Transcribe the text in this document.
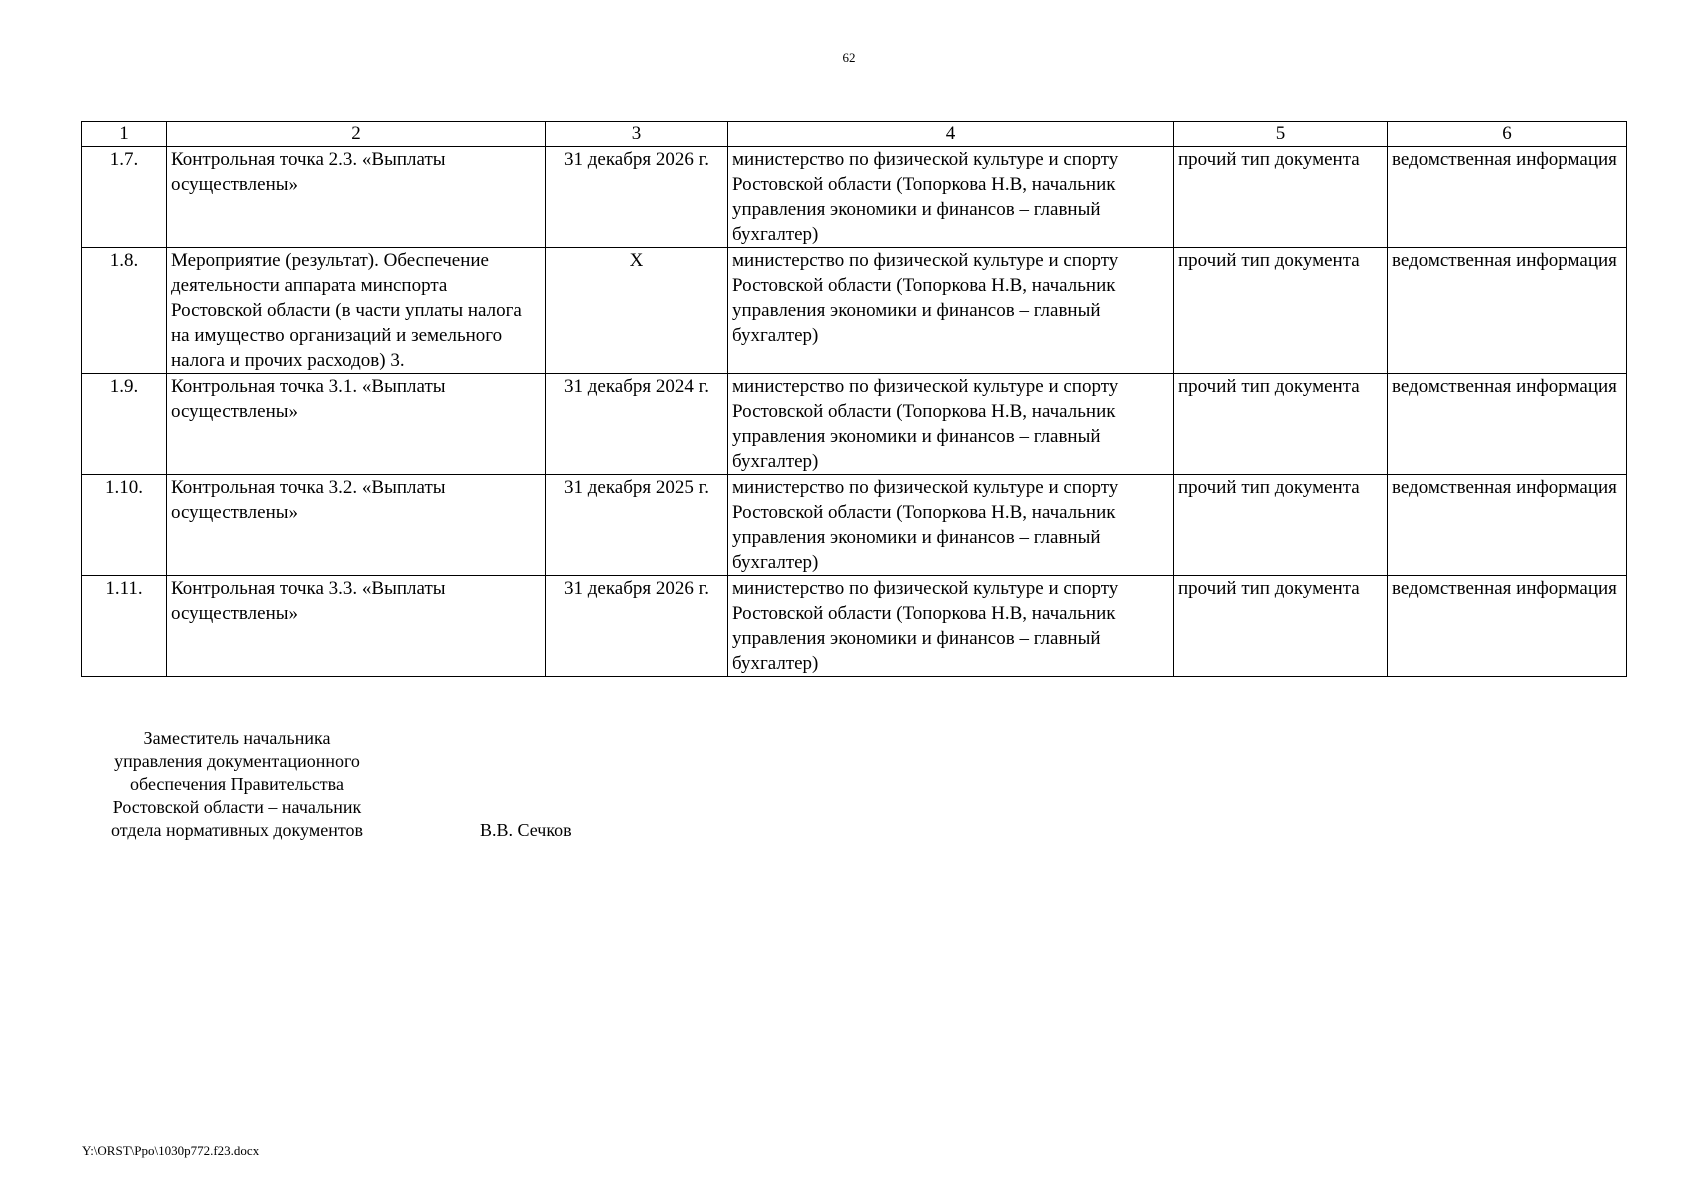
62
1	2	3	4	5	6
1.7.	Контрольная точка 2.3. «Выплаты осуществлены»	31 декабря 2026 г.	министерство по физической культуре и спорту Ростовской области (Топоркова Н.В, начальник управления экономики и финансов – главный бухгалтер)	прочий тип документа	ведомственная информация
1.8.	Мероприятие (результат). Обеспечение деятельности аппарата минспорта Ростовской области (в части уплаты налога на имущество организаций и земельного налога и прочих расходов) 3.	Х	министерство по физической культуре и спорту Ростовской области (Топоркова Н.В, начальник управления экономики и финансов – главный бухгалтер)	прочий тип документа	ведомственная информация
1.9.	Контрольная точка 3.1. «Выплаты осуществлены»	31 декабря 2024 г.	министерство по физической культуре и спорту Ростовской области (Топоркова Н.В, начальник управления экономики и финансов – главный бухгалтер)	прочий тип документа	ведомственная информация
1.10.	Контрольная точка 3.2. «Выплаты осуществлены»	31 декабря 2025 г.	министерство по физической культуре и спорту Ростовской области (Топоркова Н.В, начальник управления экономики и финансов – главный бухгалтер)	прочий тип документа	ведомственная информация
1.11.	Контрольная точка 3.3. «Выплаты осуществлены»	31 декабря 2026 г.	министерство по физической культуре и спорту Ростовской области (Топоркова Н.В, начальник управления экономики и финансов – главный бухгалтер)	прочий тип документа	ведомственная информация
Заместитель начальника
управления документационного
обеспечения Правительства
Ростовской области – начальник
отдела нормативных документов	В.В. Сечков
Y:\ORST\Ppo\1030p772.f23.docx
